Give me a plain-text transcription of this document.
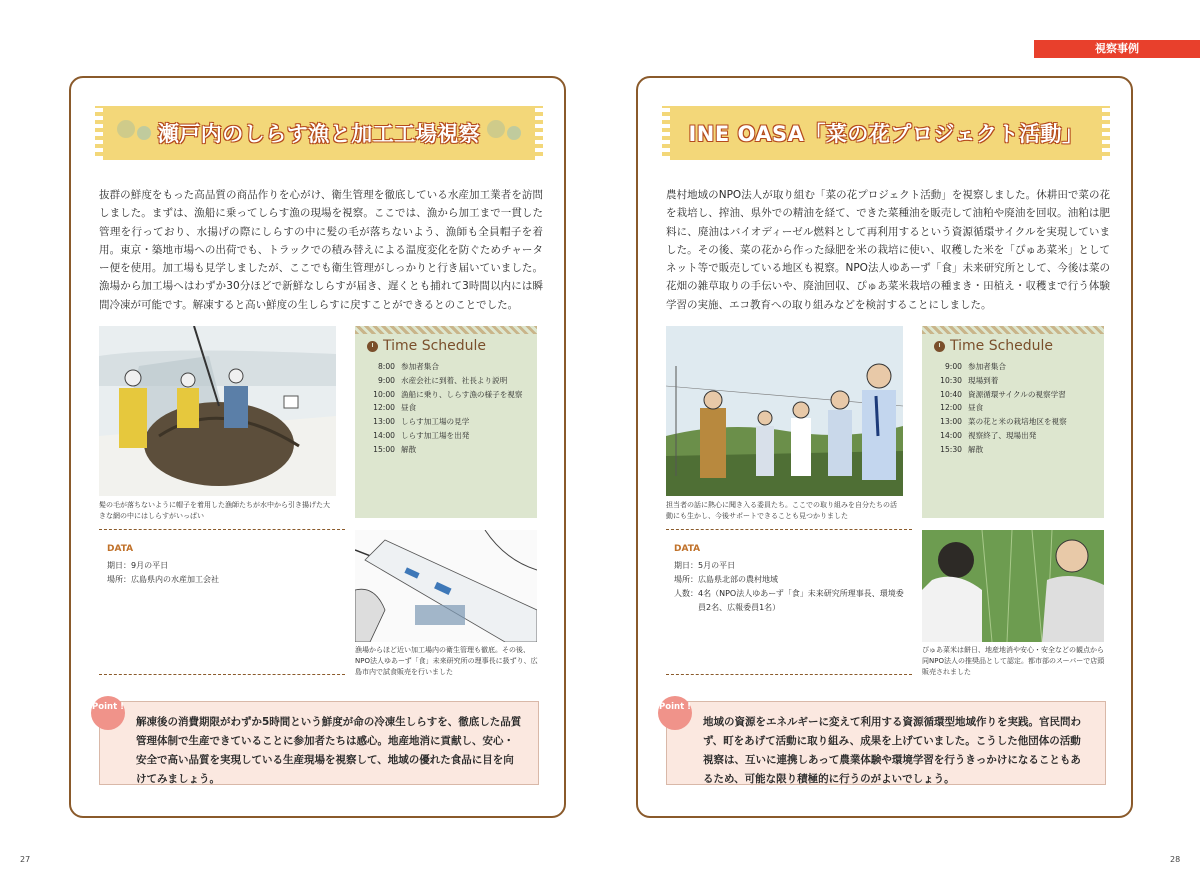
視察事例
瀬戸内のしらす漁と加工工場視察

抜群の鮮度をもった高品質の商品作りを心がけ、衛生管理を徹底している水産加工業者を訪問しました。まずは、漁船に乗ってしらす漁の現場を視察。ここでは、漁から加工まで一貫した管理を行っており、水揚げの際にしらすの中に髪の毛が落ちないよう、漁師も全員帽子を着用。東京・築地市場への出荷でも、トラックでの積み替えによる温度変化を防ぐためチャーター便を使用。加工場も見学しましたが、ここでも衛生管理がしっかりと行き届いていました。漁場から加工場へはわずか30分ほどで新鮮なしらすが届き、遅くとも捕れて3時間以内には瞬間冷凍が可能です。解凍すると高い鮮度の生しらすに戻すことができるとのことでした。

髪の毛が落ちないように帽子を着用した漁師たちが水中から引き揚げた大きな網の中にはしらすがいっぱい

Time Schedule
8:00 参加者集合
9:00 水産会社に到着、社長より説明
10:00 漁船に乗り、しらす漁の様子を視察
12:00 昼食
13:00 しらす加工場の見学
14:00 しらす加工場を出発
15:00 解散
DATA

期日： 9月の平日

場所： 広島県内の水産加工会社

漁場からほど近い加工場内の衛生管理も徹底。その後、NPO法人ゆあーず「食」未来研究所の理事長に扱ずり、広島市内で試食販売を行いました

解凍後の消費期限がわずか5時間という鮮度が命の冷凍生しらすを、徹底した品質管理体制で生産できていることに参加者たちは感心。地産地消に貢献し、安心・安全で高い品質を実現している生産現場を視察して、地域の優れた食品に目を向けてみましょう。

Point !
INE OASA「菜の花プロジェクト活動」

農村地域のNPO法人が取り組む「菜の花プロジェクト活動」を視察しました。休耕田で菜の花を栽培し、搾油、県外での精油を経て、できた菜種油を販売して油粕や廃油を回収。油粕は肥料に、廃油はバイオディーゼル燃料として再利用するという資源循環サイクルを実現していました。その後、菜の花から作った緑肥を米の栽培に使い、収穫した米を「ぴゅあ菜米」としてネット等で販売している地区も視察。NPO法人ゆあーず「食」未来研究所として、今後は菜の花畑の雑草取りの手伝いや、廃油回収、ぴゅあ菜米栽培の種まき・田植え・収穫まで行う体験学習の実施、エコ教育への取り組みなどを検討することにしました。

担当者の話に熱心に聞き入る委員たち。ここでの取り組みを自分たちの活動にも生かし、今後サポートできることも見つかりました

Time Schedule
9:00 参加者集合
10:30 現場到着
10:40 資源循環サイクルの視察学習
12:00 昼食
13:00 菜の花と米の栽培地区を視察
14:00 視察終了、現場出発
15:30 解散
DATA

期日： 5月の平日

場所： 広島県北部の農村地域

人数： 4名（NPO法人ゆあーず「食」未来研究所理事長、環境委員2名、広報委員1名）

ぴゅあ菜米は餅日、地産地消や安心・安全などの観点から同NPO法人の推奨品として認定。都市部のスーパーで店頭販売されました

地域の資源をエネルギーに変えて利用する資源循環型地域作りを実践。官民問わず、町をあげて活動に取り組み、成果を上げていました。こうした他団体の活動視察は、互いに連携しあって農業体験や環境学習を行うきっかけになることもあるため、可能な限り積極的に行うのがよいでしょう。

Point !
27	28
